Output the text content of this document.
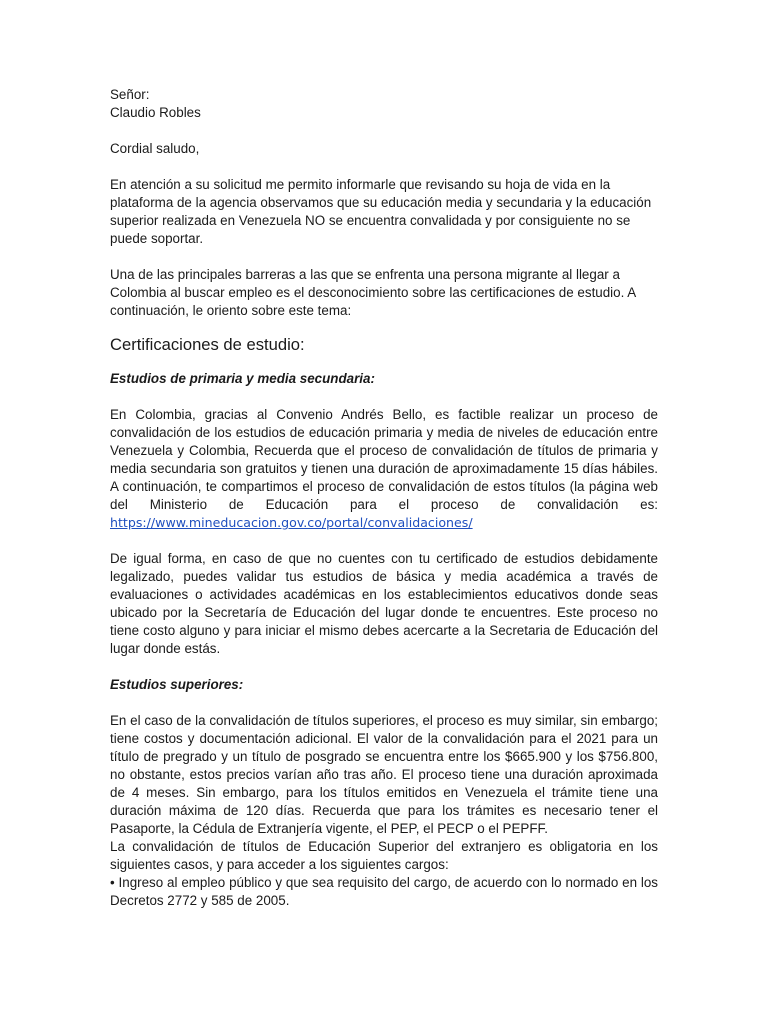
Señor:

Claudio Robles

Cordial saludo,

En atención a su solicitud me permito informarle que revisando su hoja de vida en la plataforma de la agencia observamos que su educación media y secundaria y la educación superior realizada en Venezuela NO se encuentra convalidada y por consiguiente no se puede soportar.

Una de las principales barreras a las que se enfrenta una persona migrante al llegar a Colombia al buscar empleo es el desconocimiento sobre las certificaciones de estudio. A continuación, le oriento sobre este tema:

Certificaciones de estudio:

Estudios de primaria y media secundaria:

En Colombia, gracias al Convenio Andrés Bello, es factible realizar un proceso de convalidación de los estudios de educación primaria y media de niveles de educación entre Venezuela y Colombia, Recuerda que el proceso de convalidación de títulos de primaria y media secundaria son gratuitos y tienen una duración de aproximadamente 15 días hábiles. A continuación, te compartimos el proceso de convalidación de estos títulos (la página web del Ministerio de Educación para el proceso de convalidación es: https://www.mineducacion.gov.co/portal/convalidaciones/

De igual forma, en caso de que no cuentes con tu certificado de estudios debidamente legalizado, puedes validar tus estudios de básica y media académica a través de evaluaciones o actividades académicas en los establecimientos educativos donde seas ubicado por la Secretaría de Educación del lugar donde te encuentres. Este proceso no tiene costo alguno y para iniciar el mismo debes acercarte a la Secretaria de Educación del lugar donde estás.

Estudios superiores:

En el caso de la convalidación de títulos superiores, el proceso es muy similar, sin embargo; tiene costos y documentación adicional. El valor de la convalidación para el 2021 para un título de pregrado y un título de posgrado se encuentra entre los $665.900 y los $756.800, no obstante, estos precios varían año tras año. El proceso tiene una duración aproximada de 4 meses. Sin embargo, para los títulos emitidos en Venezuela el trámite tiene una duración máxima de 120 días. Recuerda que para los trámites es necesario tener el Pasaporte, la Cédula de Extranjería vigente, el PEP, el PECP o el PEPFF.

La convalidación de títulos de Educación Superior del extranjero es obligatoria en los siguientes casos, y para acceder a los siguientes cargos:

• Ingreso al empleo público y que sea requisito del cargo, de acuerdo con lo normado en los Decretos 2772 y 585 de 2005.
